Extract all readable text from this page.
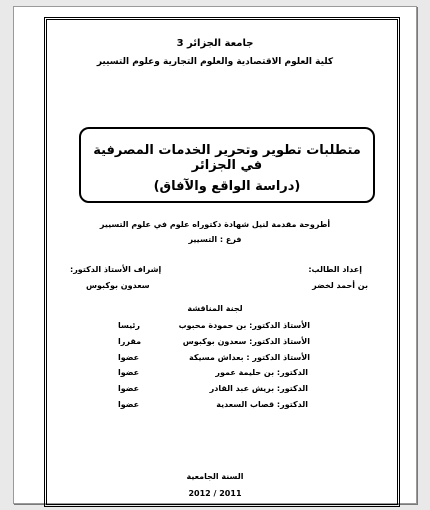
جامعة الجزائر 3
كلية العلوم الاقتصادية والعلوم التجارية وعلوم التسيير
متطلبات تطوير وتحرير الخدمات المصرفية في الجزائر
(دراسة الواقع والآفاق)
أطروحة مقدمة لنيل شهادة دكتوراه علوم في علوم التسيير
فرع : التسيير
إعداد الطالب:
بن أحمد لخضر
إشراف الأستاذ الدكتور:
سعدون بوكبوس
لجنة المناقشة
الأستاذ الدكتور: بن حمودة محبوب
رئيسا
الأستاذ الدكتور: سعدون بوكبوس
مقررا
الأستاذ الدكتور : بعداش مسيكة
عضوا
الدكتور: بن حليمة عمور
عضوا
الدكتور: بريش عبد القادر
عضوا
الدكتور: قصاب السعدية
عضوا
السنة الجامعية
2012 / 2011
